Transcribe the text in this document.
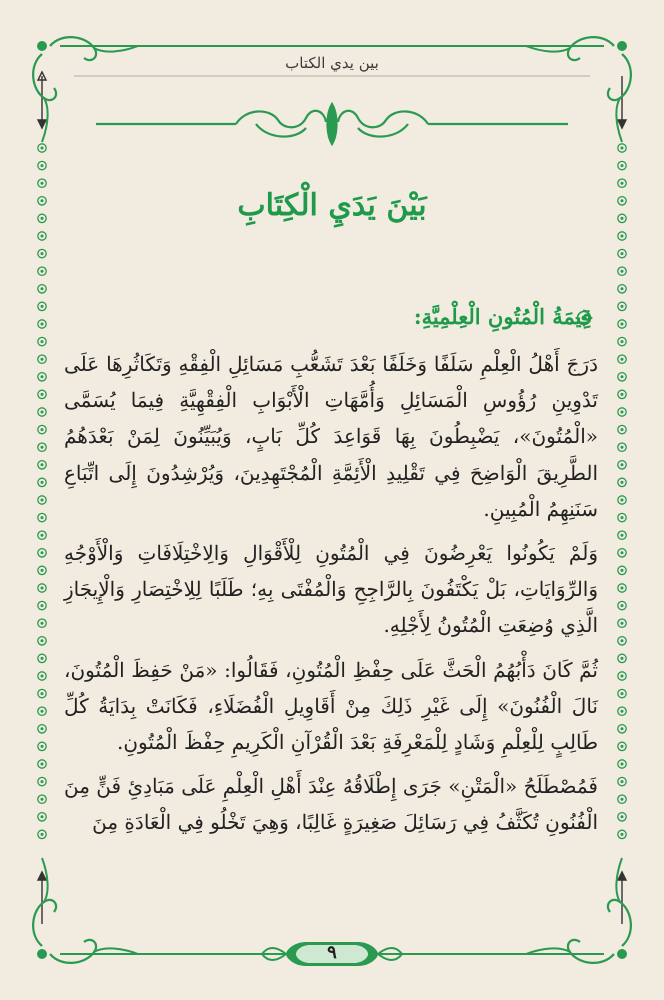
بين يدي الكتاب
بَيْنَ يَدَيِ الْكِتَابِ
قِيمَةُ الْمُتُونِ الْعِلْمِيَّةِ:

دَرَجَ أَهْلُ الْعِلْمِ سَلَفًا وَخَلَفًا بَعْدَ تَشَعُّبِ مَسَائِلِ الْفِقْهِ وَتَكَاثُرِهَا عَلَى تَدْوِينِ رُؤُوسِ الْمَسَائِلِ وَأُمَّهَاتِ الْأَبْوَابِ الْفِقْهِيَّةِ فِيمَا يُسَمَّى «الْمُتُونَ»، يَضْبِطُونَ بِهَا قَوَاعِدَ كُلِّ بَابٍ، وَيُبَيِّنُونَ لِمَنْ بَعْدَهُمُ الطَّرِيقَ الْوَاضِحَ فِي تَقْلِيدِ الْأَئِمَّةِ الْمُجْتَهِدِينَ، وَيُرْشِدُونَ إِلَى اتِّبَاعِ سَنَنِهِمُ الْمُبِينِ.

وَلَمْ يَكُونُوا يَعْرِضُونَ فِي الْمُتُونِ لِلْأَقْوَالِ وَالِاخْتِلَافَاتِ وَالْأَوْجُهِ وَالرِّوَايَاتِ، بَلْ يَكْتَفُونَ بِالرَّاجِحِ وَالْمُفْتَى بِهِ؛ طَلَبًا لِلِاخْتِصَارِ وَالْإِيجَازِ الَّذِي وُضِعَتِ الْمُتُونُ لِأَجْلِهِ.

ثُمَّ كَانَ دَأْبُهُمُ الْحَثَّ عَلَى حِفْظِ الْمُتُونِ، فَقَالُوا: «مَنْ حَفِظَ الْمُتُونَ، نَالَ الْفُنُونَ» إِلَى غَيْرِ ذَلِكَ مِنْ أَقَاوِيلِ الْفُضَلَاءِ، فَكَانَتْ بِدَايَةُ كُلِّ طَالِبٍ لِلْعِلْمِ وَشَادٍ لِلْمَعْرِفَةِ بَعْدَ الْقُرْآنِ الْكَرِيمِ حِفْظَ الْمُتُونِ.

فَمُصْطَلَحُ «الْمَتْنِ» جَرَى إِطْلَاقُهُ عِنْدَ أَهْلِ الْعِلْمِ عَلَى مَبَادِئِ فَنٍّ مِنَ الْفُنُونِ تُكَثَّفُ فِي رَسَائِلَ صَغِيرَةٍ غَالِبًا، وَهِيَ تَخْلُو فِي الْعَادَةِ مِنَ

٩
